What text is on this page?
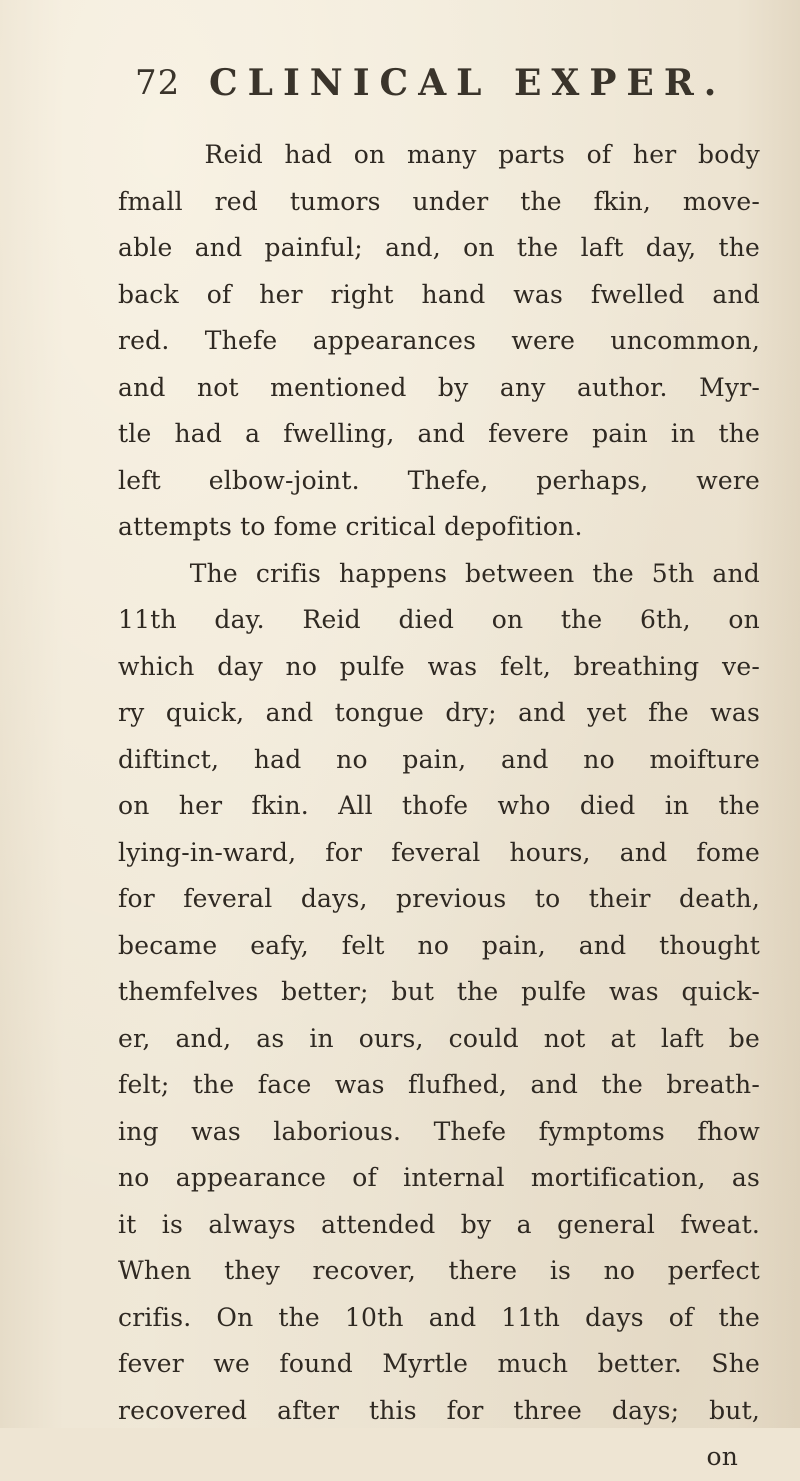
72 CLINICAL EXPER.
Reid had on many parts of her body
fmall red tumors under the fkin, move-
able and painful; and, on the laft day, the
back of her right hand was fwelled and
red. Thefe appearances were uncommon,
and not mentioned by any author. Myr-
tle had a fwelling, and fevere pain in the
left elbow-joint. Thefe, perhaps, were
attempts to fome critical depofition.
The crifis happens between the 5th and
11th day. Reid died on the 6th, on
which day no pulfe was felt, breathing ve-
ry quick, and tongue dry; and yet fhe was
diftinct, had no pain, and no moifture
on her fkin. All thofe who died in the
lying-in-ward, for feveral hours, and fome
for feveral days, previous to their death,
became eafy, felt no pain, and thought
themfelves better; but the pulfe was quick-
er, and, as in ours, could not at laft be
felt; the face was flufhed, and the breath-
ing was laborious. Thefe fymptoms fhow
no appearance of internal mortification, as
it is always attended by a general fweat.
When they recover, there is no perfect
crifis. On the 10th and 11th days of the
fever we found Myrtle much better. She
recovered after this for three days; but,
on
